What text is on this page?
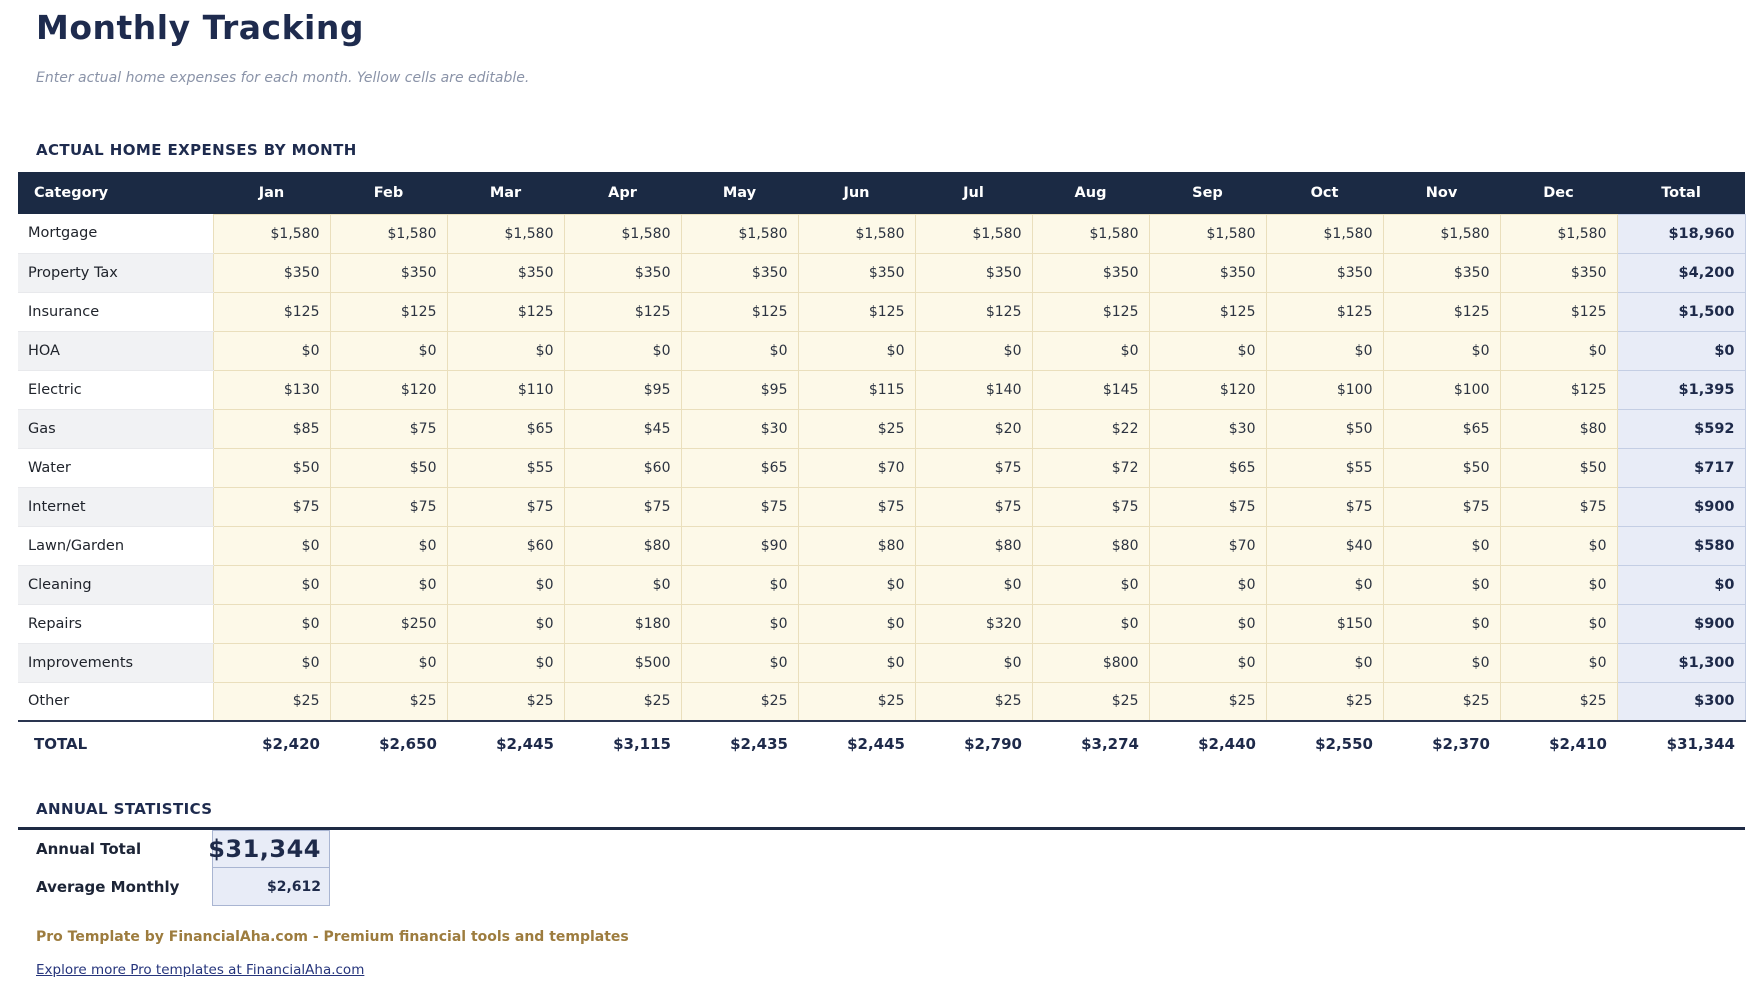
Monthly Tracking
Enter actual home expenses for each month. Yellow cells are editable.
ACTUAL HOME EXPENSES BY MONTH
Category	Jan	Feb	Mar	Apr	May	Jun	Jul	Aug	Sep	Oct	Nov	Dec	Total
Mortgage	$1,580	$1,580	$1,580	$1,580	$1,580	$1,580	$1,580	$1,580	$1,580	$1,580	$1,580	$1,580	$18,960
Property Tax	$350	$350	$350	$350	$350	$350	$350	$350	$350	$350	$350	$350	$4,200
Insurance	$125	$125	$125	$125	$125	$125	$125	$125	$125	$125	$125	$125	$1,500
HOA	$0	$0	$0	$0	$0	$0	$0	$0	$0	$0	$0	$0	$0
Electric	$130	$120	$110	$95	$95	$115	$140	$145	$120	$100	$100	$125	$1,395
Gas	$85	$75	$65	$45	$30	$25	$20	$22	$30	$50	$65	$80	$592
Water	$50	$50	$55	$60	$65	$70	$75	$72	$65	$55	$50	$50	$717
Internet	$75	$75	$75	$75	$75	$75	$75	$75	$75	$75	$75	$75	$900
Lawn/Garden	$0	$0	$60	$80	$90	$80	$80	$80	$70	$40	$0	$0	$580
Cleaning	$0	$0	$0	$0	$0	$0	$0	$0	$0	$0	$0	$0	$0
Repairs	$0	$250	$0	$180	$0	$0	$320	$0	$0	$150	$0	$0	$900
Improvements	$0	$0	$0	$500	$0	$0	$0	$800	$0	$0	$0	$0	$1,300
Other	$25	$25	$25	$25	$25	$25	$25	$25	$25	$25	$25	$25	$300
TOTAL	$2,420	$2,650	$2,445	$3,115	$2,435	$2,445	$2,790	$3,274	$2,440	$2,550	$2,370	$2,410	$31,344
ANNUAL STATISTICS
Annual Total	$31,344
Average Monthly	$2,612
Pro Template by FinancialAha.com - Premium financial tools and templates
Explore more Pro templates at FinancialAha.com
